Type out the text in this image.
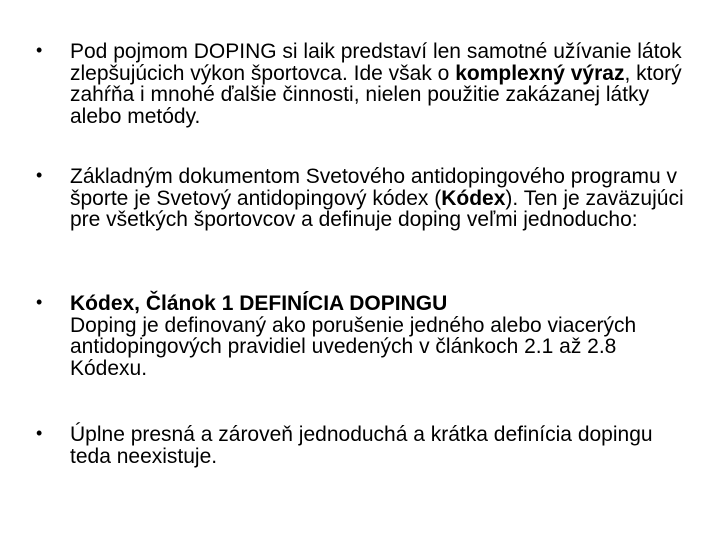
• Pod pojmom DOPING si laik predstaví len samotné užívanie látok zlepšujúcich výkon športovca. Ide však o komplexný výraz, ktorý zahŕňa i mnohé ďalšie činnosti, nielen použitie zakázanej látky alebo metódy.
• Základným dokumentom Svetového antidopingového programu v športe je Svetový antidopingový kódex (Kódex). Ten je zaväzujúci pre všetkých športovcov a definuje doping veľmi jednoducho:
• Kódex, Článok 1 DEFINÍCIA DOPINGU
Doping je definovaný ako porušenie jedného alebo viacerých antidopingových pravidiel uvedených v článkoch 2.1 až 2.8 Kódexu.
• Úplne presná a zároveň jednoduchá a krátka definícia dopingu teda neexistuje.
